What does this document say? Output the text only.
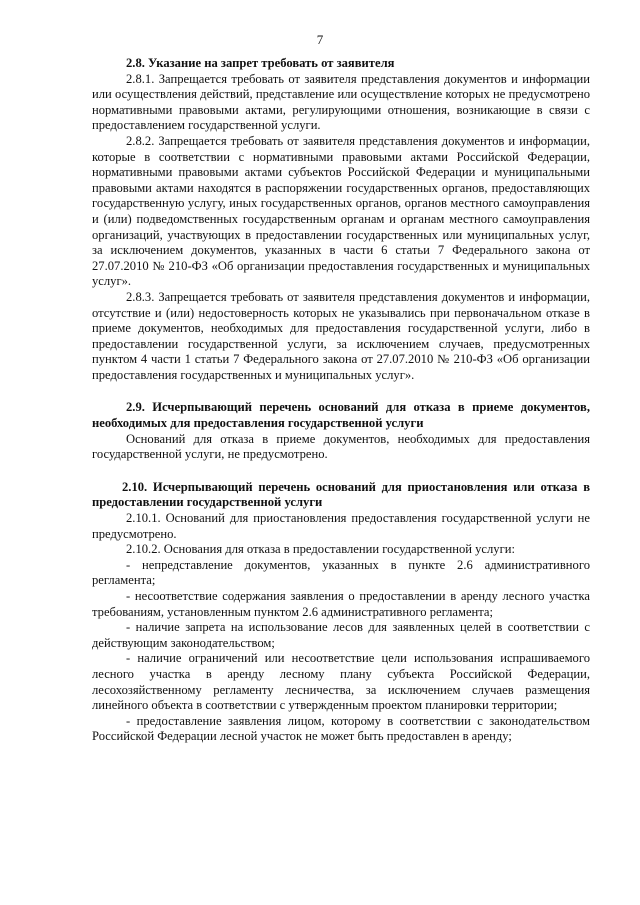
7
2.8. Указание на запрет требовать от заявителя

2.8.1. Запрещается требовать от заявителя представления документов и информации или осуществления действий, представление или осуществление которых не предусмотрено нормативными правовыми актами, регулирующими отношения, возникающие в связи с предоставлением государственной услуги.

2.8.2. Запрещается требовать от заявителя представления документов и информации, которые в соответствии с нормативными правовыми актами Российской Федерации, нормативными правовыми актами субъектов Российской Федерации и муниципальными правовыми актами находятся в распоряжении государственных органов, предоставляющих государственную услугу, иных государственных органов, органов местного самоуправления и (или) подведомственных государственным органам и органам местного самоуправления организаций, участвующих в предоставлении государственных или муниципальных услуг, за исключением документов, указанных в части 6 статьи 7 Федерального закона от 27.07.2010 № 210-ФЗ «Об организации предоставления государственных и муниципальных услуг».

2.8.3. Запрещается требовать от заявителя представления документов и информации, отсутствие и (или) недостоверность которых не указывались при первоначальном отказе в приеме документов, необходимых для предоставления государственной услуги, либо в предоставлении государственной услуги, за исключением случаев, предусмотренных пунктом 4 части 1 статьи 7 Федерального закона от 27.07.2010 № 210-ФЗ «Об организации предоставления государственных и муниципальных услуг».

2.9. Исчерпывающий перечень оснований для отказа в приеме документов, необходимых для предоставления государственной услуги

Оснований для отказа в приеме документов, необходимых для предоставления государственной услуги, не предусмотрено.

2.10. Исчерпывающий перечень оснований для приостановления или отказа в предоставлении государственной услуги

2.10.1. Оснований для приостановления предоставления государственной услуги не предусмотрено.

2.10.2. Основания для отказа в предоставлении государственной услуги:

- непредставление документов, указанных в пункте 2.6 административного регламента;

- несоответствие содержания заявления о предоставлении в аренду лесного участка требованиям, установленным пунктом 2.6 административного регламента;

- наличие запрета на использование лесов для заявленных целей в соответствии с действующим законодательством;

- наличие ограничений или несоответствие цели использования испрашиваемого лесного участка в аренду лесному плану субъекта Российской Федерации, лесохозяйственному регламенту лесничества, за исключением случаев размещения линейного объекта в соответствии с утвержденным проектом планировки территории;

- предоставление заявления лицом, которому в соответствии с законодательством Российской Федерации лесной участок не может быть предоставлен в аренду;
